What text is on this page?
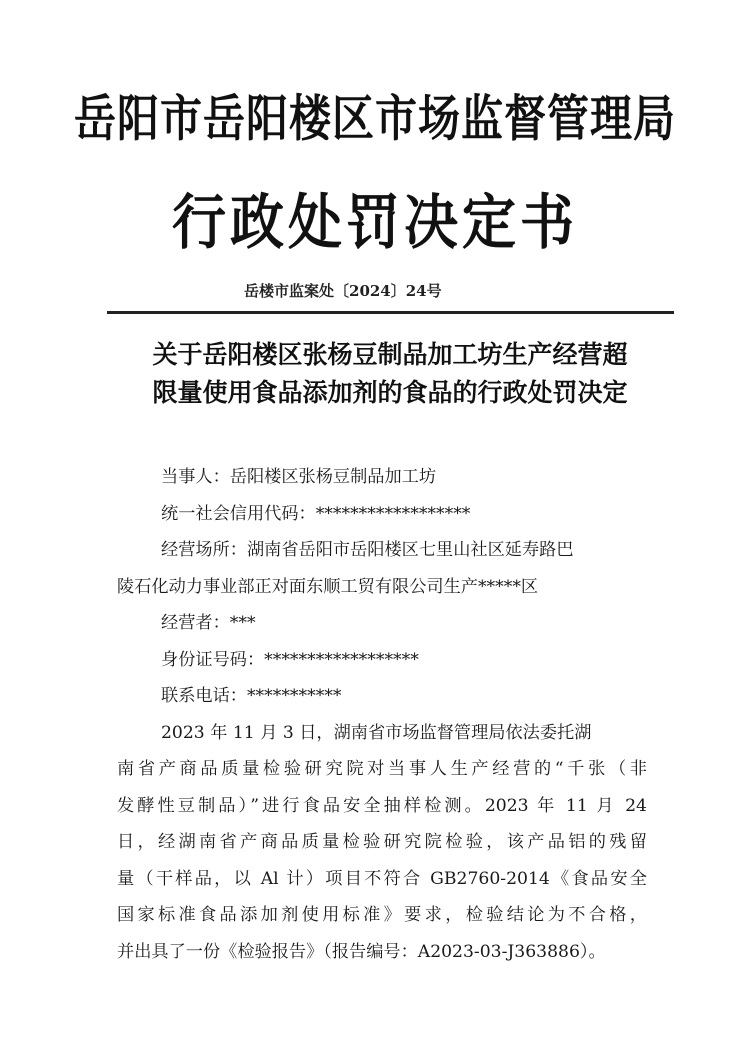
岳阳市岳阳楼区市场监督管理局
行政处罚决定书
岳楼市监案处〔2024〕24号
关于岳阳楼区张杨豆制品加工坊生产经营超
限量使用食品添加剂的食品的行政处罚决定
当事人：岳阳楼区张杨豆制品加工坊
统一社会信用代码：******************
经营场所：湖南省岳阳市岳阳楼区七里山社区延寿路巴
陵石化动力事业部正对面东顺工贸有限公司生产*****区
经营者：***
身份证号码：******************
联系电话：***********
2023 年 11 月 3 日，湖南省市场监督管理局依法委托湖
南省产商品质量检验研究院对当事人生产经营的“千张（非
发酵性豆制品）”进行食品安全抽样检测。2023 年 11 月 24
日，经湖南省产商品质量检验研究院检验，该产品铝的残留
量（干样品，以 Al 计）项目不符合 GB2760-2014《食品安全
国家标准食品添加剂使用标准》要求，检验结论为不合格，
并出具了一份《检验报告》（报告编号：A2023-03-J363886）。
